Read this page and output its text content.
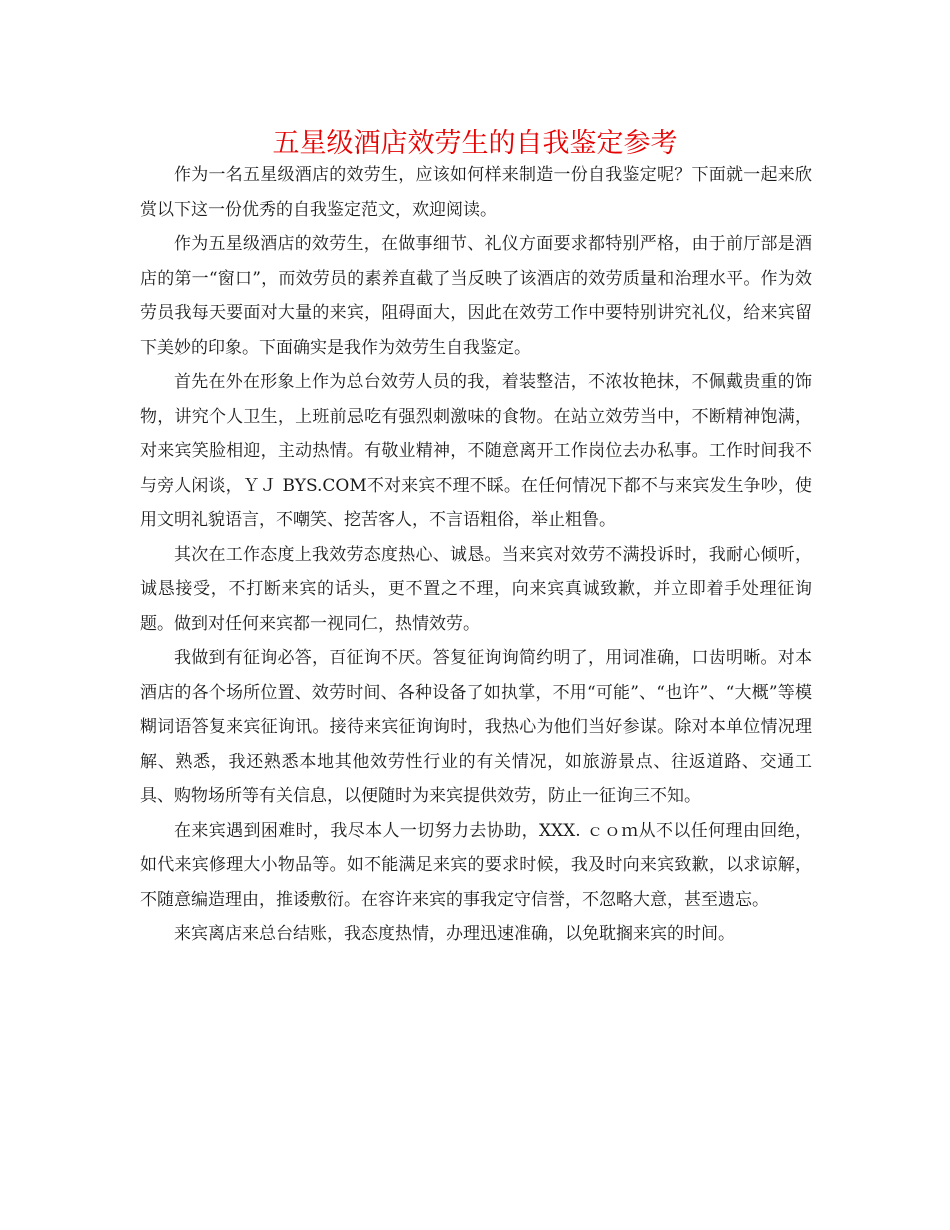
五星级酒店效劳生的自我鉴定参考

作为一名五星级酒店的效劳生，应该如何样来制造一份自我鉴定呢？下面就一起来欣赏以下这一份优秀的自我鉴定范文，欢迎阅读。

作为五星级酒店的效劳生，在做事细节、礼仪方面要求都特别严格，由于前厅部是酒店的第一“窗口”，而效劳员的素养直截了当反映了该酒店的效劳质量和治理水平。作为效劳员我每天要面对大量的来宾，阻碍面大，因此在效劳工作中要特别讲究礼仪，给来宾留下美妙的印象。下面确实是我作为效劳生自我鉴定。

首先在外在形象上作为总台效劳人员的我，着装整洁，不浓妆艳抹，不佩戴贵重的饰物，讲究个人卫生，上班前忌吃有强烈刺激味的食物。在站立效劳当中，不断精神饱满，对来宾笑脸相迎，主动热情。有敬业精神，不随意离开工作岗位去办私事。工作时间我不与旁人闲谈，ＹＪ BYS.COM不对来宾不理不睬。在任何情况下都不与来宾发生争吵，使用文明礼貌语言，不嘲笑、挖苦客人，不言语粗俗，举止粗鲁。

其次在工作态度上我效劳态度热心、诚恳。当来宾对效劳不满投诉时，我耐心倾听，诚恳接受，不打断来宾的话头，更不置之不理，向来宾真诚致歉，并立即着手处理征询题。做到对任何来宾都一视同仁，热情效劳。

我做到有征询必答，百征询不厌。答复征询询简约明了，用词准确，口齿明晰。对本酒店的各个场所位置、效劳时间、各种设备了如执掌，不用“可能”、“也许”、“大概”等模糊词语答复来宾征询讯。接待来宾征询询时，我热心为他们当好参谋。除对本单位情况理解、熟悉，我还熟悉本地其他效劳性行业的有关情况，如旅游景点、往返道路、交通工具、购物场所等有关信息，以便随时为来宾提供效劳，防止一征询三不知。

在来宾遇到困难时，我尽本人一切努力去协助，XXX. ｃｏｍ从不以任何理由回绝，如代来宾修理大小物品等。如不能满足来宾的要求时候，我及时向来宾致歉，以求谅解，不随意编造理由，推诿敷衍。在容许来宾的事我定守信誉，不忽略大意，甚至遗忘。

来宾离店来总台结账，我态度热情，办理迅速准确，以免耽搁来宾的时间。
